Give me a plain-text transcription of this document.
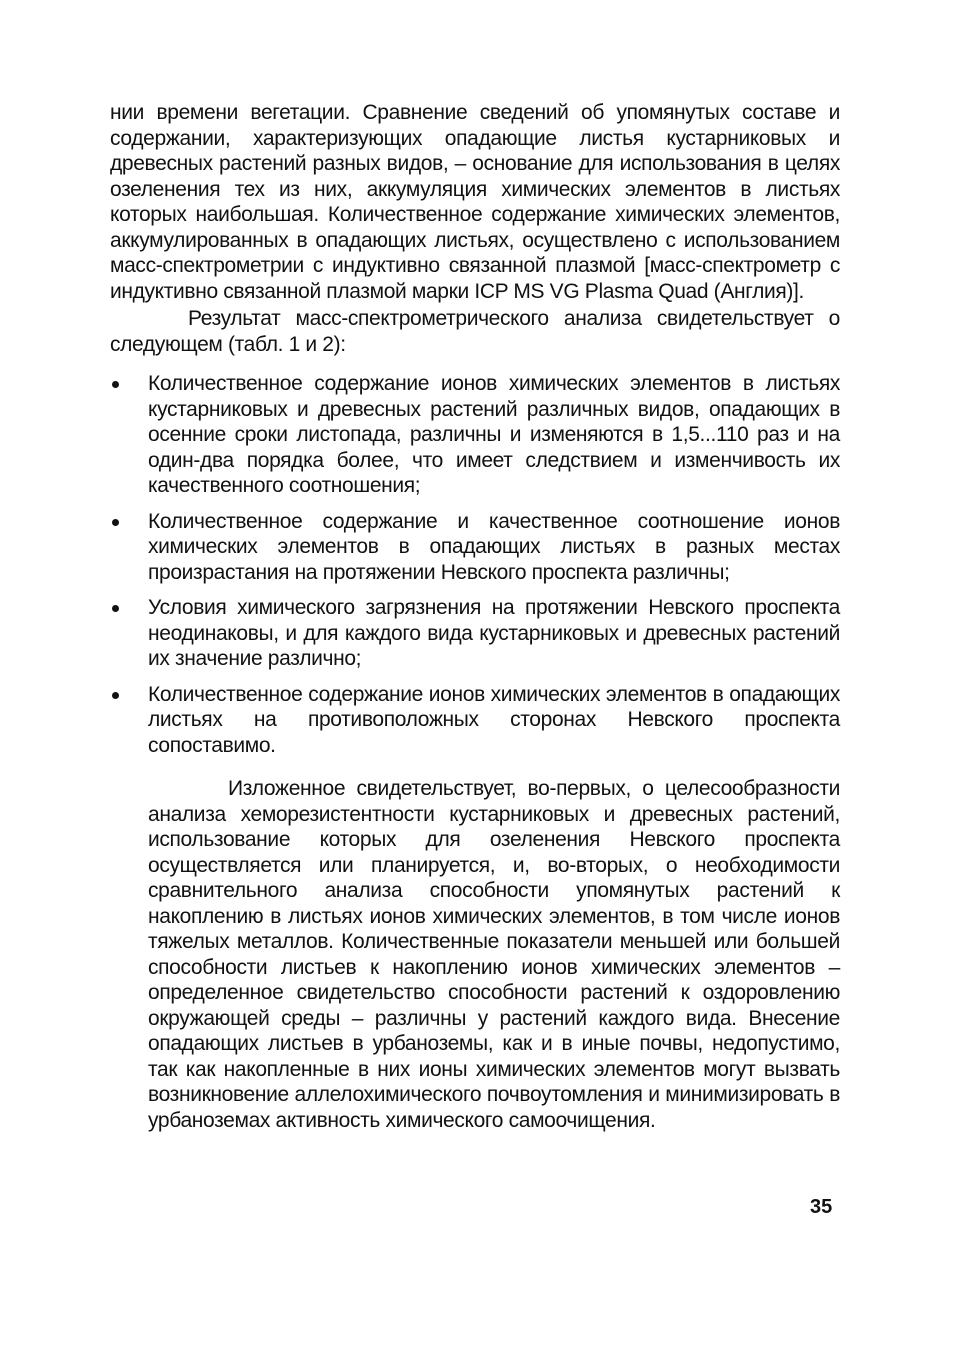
нии времени вегетации. Сравнение сведений об упомянутых составе и содержании, характеризующих опадающие листья кустарниковых и древесных растений разных видов, – основание для использования в целях озеленения тех из них, аккумуляция химических элементов в листьях которых наибольшая. Количественное содержание химических элементов, аккумулированных в опадающих листьях, осуществлено с использованием масс-спектрометрии с индуктивно связанной плазмой [масс-спектрометр с индуктивно связанной плазмой марки ICP MS VG Plasma Quad (Англия)].

Результат масс-спектрометрического анализа свидетельствует о следующем (табл. 1 и 2):

Количественное содержание ионов химических элементов в листьях кустарниковых и древесных растений различных видов, опадающих в осенние сроки листопада, различны и изменяются в 1,5...110 раз и на один-два порядка более, что имеет следствием и изменчивость их качественного соотношения;
Количественное содержание и качественное соотношение ионов химических элементов в опадающих листьях в разных местах произрастания на протяжении Невского проспекта различны;
Условия химического загрязнения на протяжении Невского проспекта неодинаковы, и для каждого вида кустарниковых и древесных растений их значение различно;
Количественное содержание ионов химических элементов в опадающих листьях на противоположных сторонах Невского проспекта сопоставимо.

Изложенное свидетельствует, во-первых, о целесообразности анализа хеморезистентности кустарниковых и древесных растений, использование которых для озеленения Невского проспекта осуществляется или планируется, и, во-вторых, о необходимости сравнительного анализа способности упомянутых растений к накоплению в листьях ионов химических элементов, в том числе ионов тяжелых металлов. Количественные показатели меньшей или большей способности листьев к накоплению ионов химических элементов – определенное свидетельство способности растений к оздоровлению окружающей среды – различны у растений каждого вида. Внесение опадающих листьев в урбаноземы, как и в иные почвы, недопустимо, так как накопленные в них ионы химических элементов могут вызвать возникновение аллелохимического почвоутомления и минимизировать в урбаноземах активность химического самоочищения.

35
